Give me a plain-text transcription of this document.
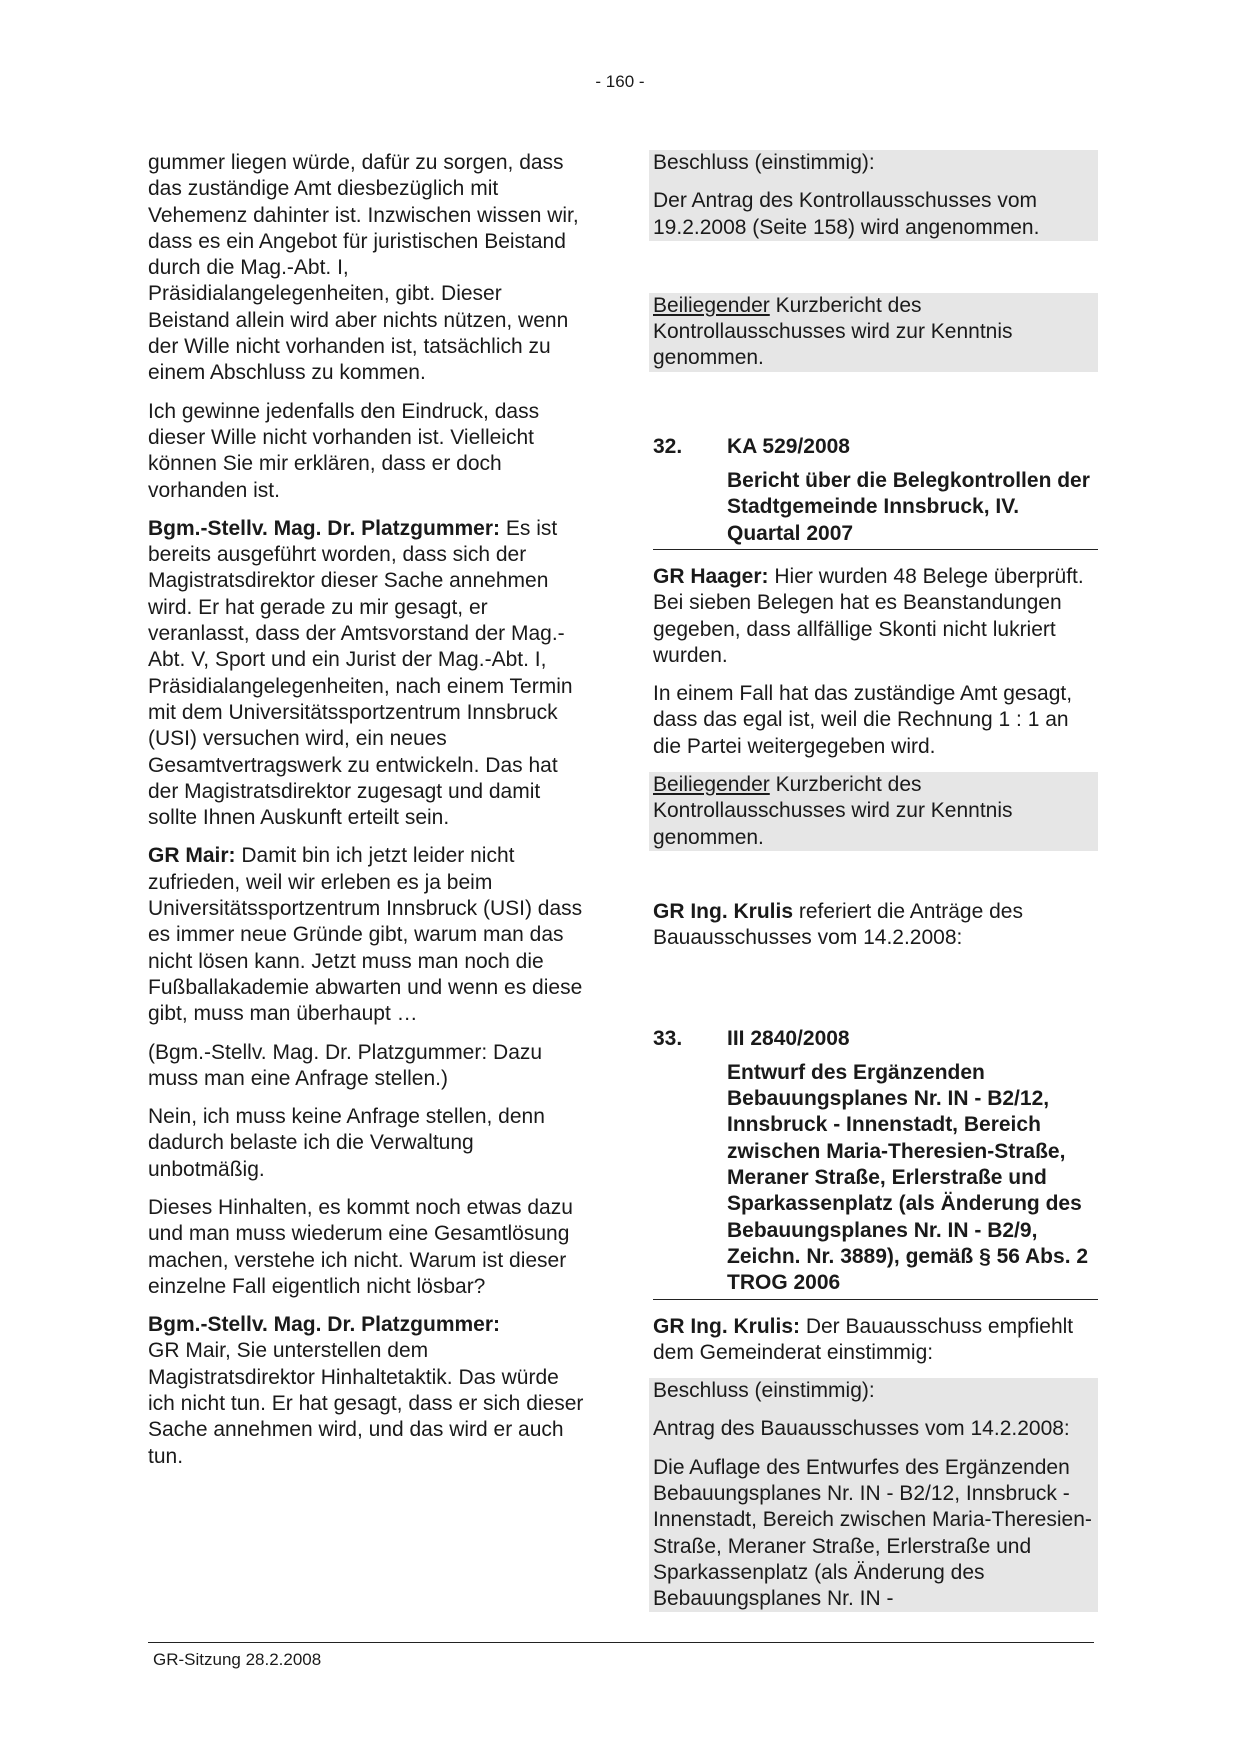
- 160 -

gummer liegen würde, dafür zu sorgen, dass das zuständige Amt diesbezüglich mit Vehemenz dahinter ist. Inzwischen wissen wir, dass es ein Angebot für juristischen Beistand durch die Mag.-Abt. I, Präsidialangelegenheiten, gibt. Dieser Beistand allein wird aber nichts nützen, wenn der Wille nicht vorhanden ist, tatsächlich zu einem Abschluss zu kommen.

Ich gewinne jedenfalls den Eindruck, dass dieser Wille nicht vorhanden ist. Vielleicht können Sie mir erklären, dass er doch vorhanden ist.

Bgm.-Stellv. Mag. Dr. Platzgummer: Es ist bereits ausgeführt worden, dass sich der Magistratsdirektor dieser Sache annehmen wird. Er hat gerade zu mir gesagt, er veranlasst, dass der Amtsvorstand der Mag.-Abt. V, Sport und ein Jurist der Mag.-Abt. I, Präsidialangelegenheiten, nach einem Termin mit dem Universitätssportzentrum Innsbruck (USI) versuchen wird, ein neues Gesamtvertragswerk zu entwickeln. Das hat der Magistratsdirektor zugesagt und damit sollte Ihnen Auskunft erteilt sein.

GR Mair: Damit bin ich jetzt leider nicht zufrieden, weil wir erleben es ja beim Universitätssportzentrum Innsbruck (USI) dass es immer neue Gründe gibt, warum man das nicht lösen kann. Jetzt muss man noch die Fußballakademie abwarten und wenn es diese gibt, muss man überhaupt …

(Bgm.-Stellv. Mag. Dr. Platzgummer: Dazu muss man eine Anfrage stellen.)

Nein, ich muss keine Anfrage stellen, denn dadurch belaste ich die Verwaltung unbotmäßig.

Dieses Hinhalten, es kommt noch etwas dazu und man muss wiederum eine Gesamtlösung machen, verstehe ich nicht. Warum ist dieser einzelne Fall eigentlich nicht lösbar?

Bgm.-Stellv. Mag. Dr. Platzgummer:
GR Mair, Sie unterstellen dem Magistratsdirektor Hinhaltetaktik. Das würde ich nicht tun. Er hat gesagt, dass er sich dieser Sache annehmen wird, und das wird er auch tun.

Beschluss (einstimmig):

Der Antrag des Kontrollausschusses vom 19.2.2008 (Seite 158) wird angenommen.

Beiliegender Kurzbericht des Kontrollausschusses wird zur Kenntnis genommen.

32.	KA 529/2008
Bericht über die Belegkontrollen der Stadtgemeinde Innsbruck, IV. Quartal 2007

GR Haager: Hier wurden 48 Belege überprüft. Bei sieben Belegen hat es Beanstandungen gegeben, dass allfällige Skonti nicht lukriert wurden.

In einem Fall hat das zuständige Amt gesagt, dass das egal ist, weil die Rechnung 1 : 1 an die Partei weitergegeben wird.

Beiliegender Kurzbericht des Kontrollausschusses wird zur Kenntnis genommen.

GR Ing. Krulis referiert die Anträge des Bauausschusses vom 14.2.2008:

33.	III 2840/2008
Entwurf des Ergänzenden Bebauungsplanes Nr. IN - B2/12, Innsbruck - Innenstadt, Bereich zwischen Maria-Theresien-Straße, Meraner Straße, Erlerstraße und Sparkassenplatz (als Änderung des Bebauungsplanes Nr. IN - B2/9, Zeichn. Nr. 3889), gemäß § 56 Abs. 2 TROG 2006

GR Ing. Krulis: Der Bauausschuss empfiehlt dem Gemeinderat einstimmig:

Beschluss (einstimmig):

Antrag des Bauausschusses vom 14.2.2008:

Die Auflage des Entwurfes des Ergänzenden Bebauungsplanes Nr. IN - B2/12, Innsbruck - Innenstadt, Bereich zwischen Maria-Theresien-Straße, Meraner Straße, Erlerstraße und Sparkassenplatz (als Änderung des Bebauungsplanes Nr. IN -

GR-Sitzung 28.2.2008
